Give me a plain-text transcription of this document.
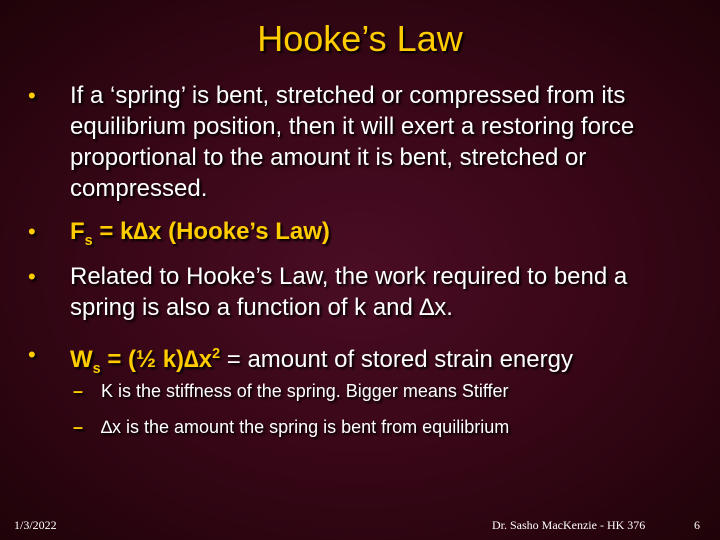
Hooke’s Law
•	If a ‘spring’ is bent, stretched or compressed from its equilibrium position, then it will exert a restoring force proportional to the amount it is bent, stretched or compressed.
•	$F_s = k\Delta x$ (Hooke’s Law)
•	Related to Hooke’s Law, the work required to bend a spring is also a function of k and ∆x.
•	$W_s$ = (½ $k)\Delta x^2$ = amount of stored strain energy
– K is the stiffness of the spring. Bigger means Stiffer
– ∆x is the amount the spring is bent from equilibrium
1/3/2022	Dr. Sasho MacKenzie - HK 376	6
